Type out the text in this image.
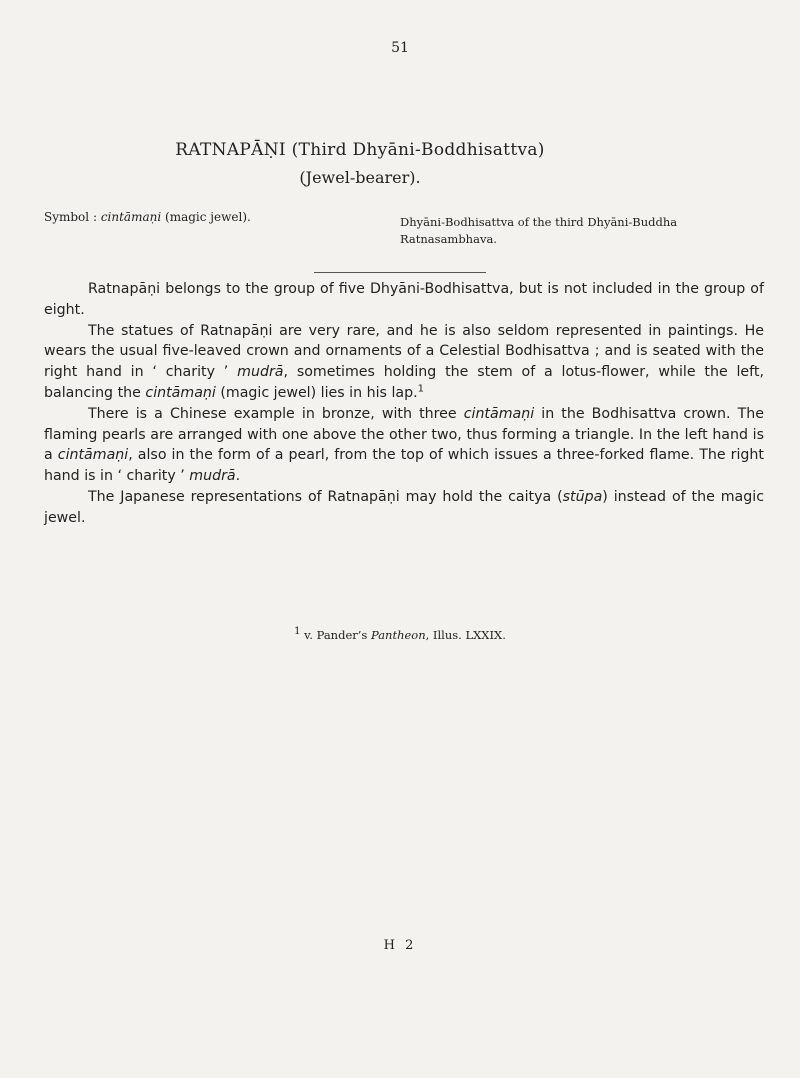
51
RATNAPĀṆI (Third Dhyāni-Boddhisattva)
(Jewel-bearer).
Symbol : cintāmaṇi (magic jewel).	Dhyāni-Bodhisattva of the third Dhyāni-Buddha
Ratnasambhava.

Ratnapāṇi belongs to the group of five Dhyāni-Bodhisattva, but is not included in the group of eight.

The statues of Ratnapāṇi are very rare, and he is also seldom represented in paintings. He wears the usual five-leaved crown and ornaments of a Celestial Bodhisattva ; and is seated with the right hand in ‘ charity ’ mudrā, sometimes holding the stem of a lotus-flower, while the left, balancing the cintāmaṇi (magic jewel) lies in his lap.$^1$

There is a Chinese example in bronze, with three cintāmaṇi in the Bodhisattva crown. The flaming pearls are arranged with one above the other two, thus forming a triangle. In the left hand is a cintāmaṇi, also in the form of a pearl, from the top of which issues a three-forked flame. The right hand is in ‘ charity ’ mudrā.

The Japanese representations of Ratnapāṇi may hold the caitya (stūpa) instead of the magic jewel.

1 v. Pander’s Pantheon, Illus. LXXIX.
H 2
